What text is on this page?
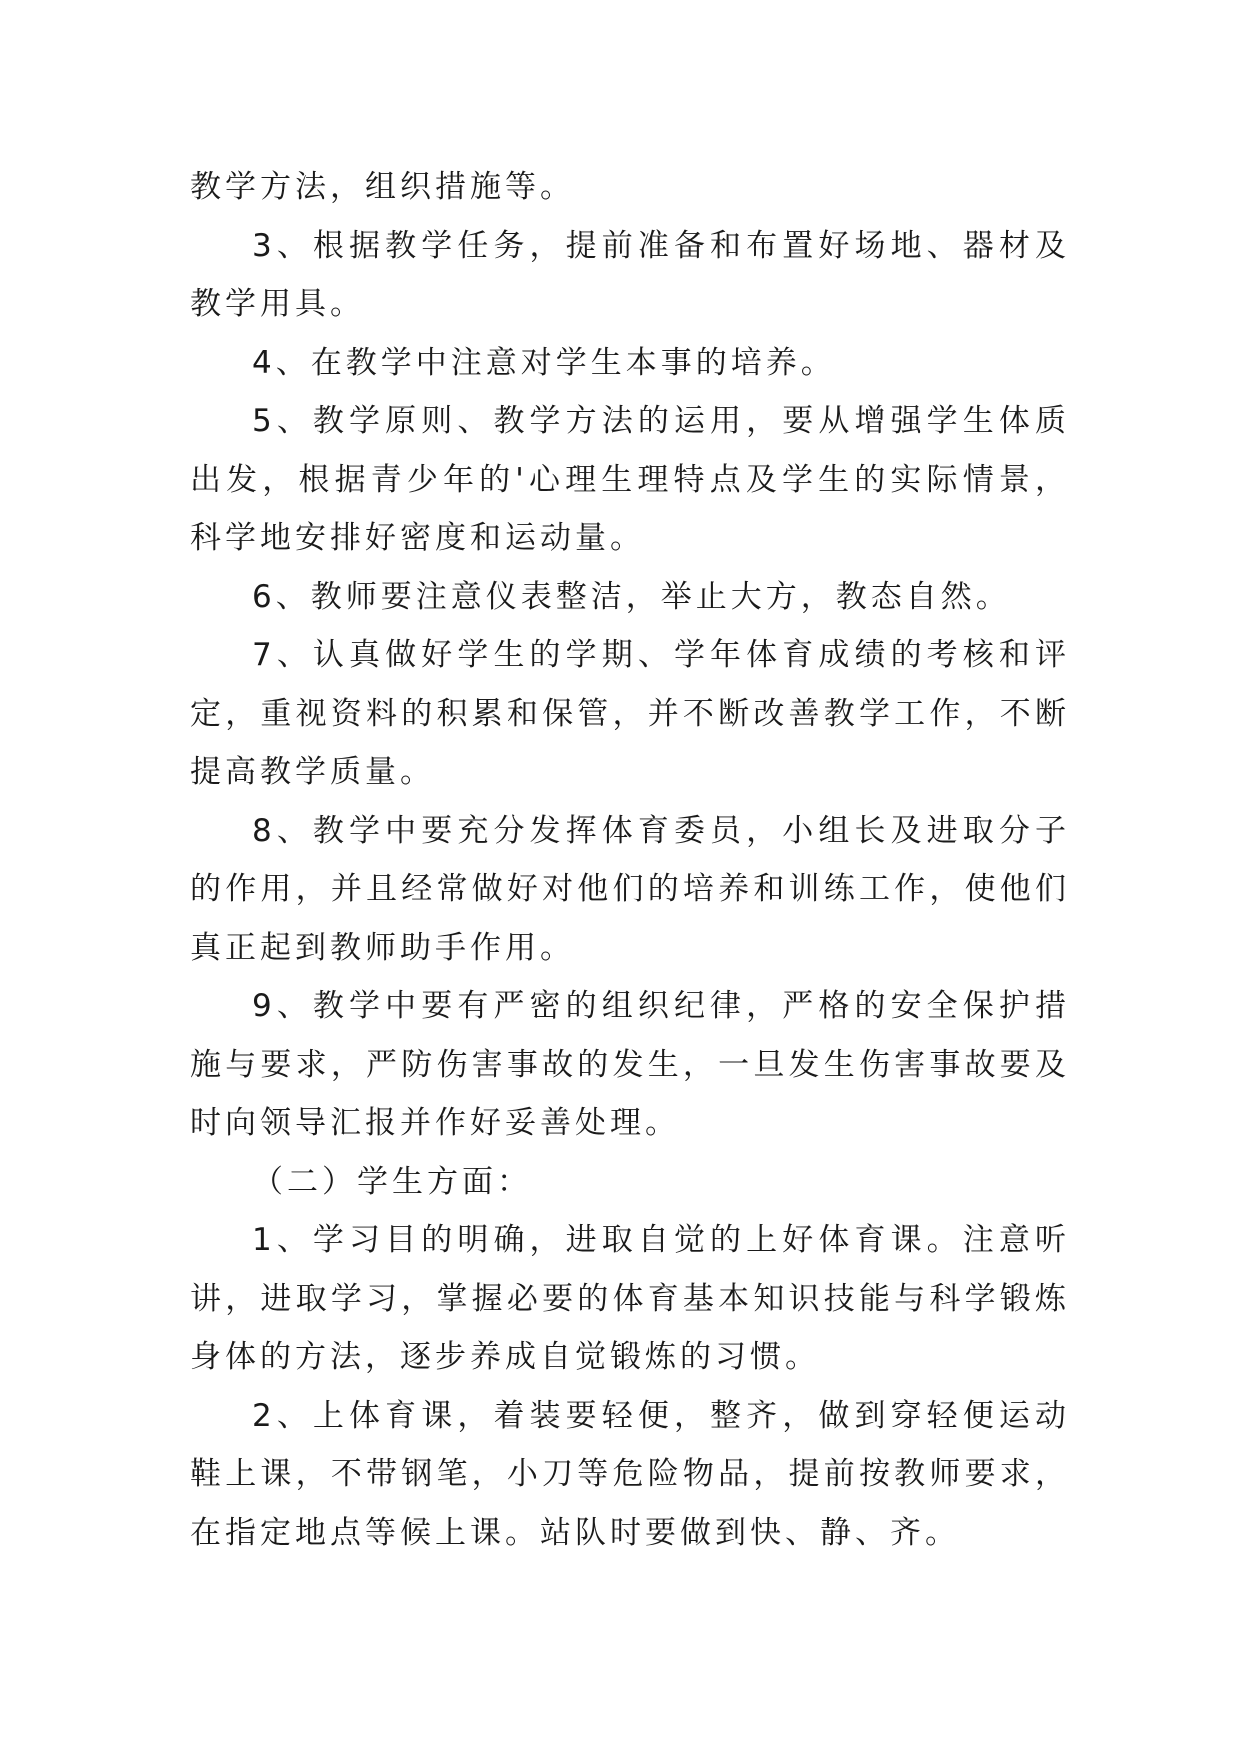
教学方法，组织措施等。

3、根据教学任务，提前准备和布置好场地、器材及教学用具。

4、在教学中注意对学生本事的培养。

5、教学原则、教学方法的运用，要从增强学生体质出发，根据青少年的'心理生理特点及学生的实际情景，科学地安排好密度和运动量。

6、教师要注意仪表整洁，举止大方，教态自然。

7、认真做好学生的学期、学年体育成绩的考核和评定，重视资料的积累和保管，并不断改善教学工作，不断提高教学质量。

8、教学中要充分发挥体育委员，小组长及进取分子的作用，并且经常做好对他们的培养和训练工作，使他们真正起到教师助手作用。

9、教学中要有严密的组织纪律，严格的安全保护措施与要求，严防伤害事故的发生，一旦发生伤害事故要及时向领导汇报并作好妥善处理。

（二）学生方面：

1、学习目的明确，进取自觉的上好体育课。注意听讲，进取学习，掌握必要的体育基本知识技能与科学锻炼身体的方法，逐步养成自觉锻炼的习惯。

2、上体育课，着装要轻便，整齐，做到穿轻便运动鞋上课，不带钢笔，小刀等危险物品，提前按教师要求，在指定地点等候上课。站队时要做到快、静、齐。
